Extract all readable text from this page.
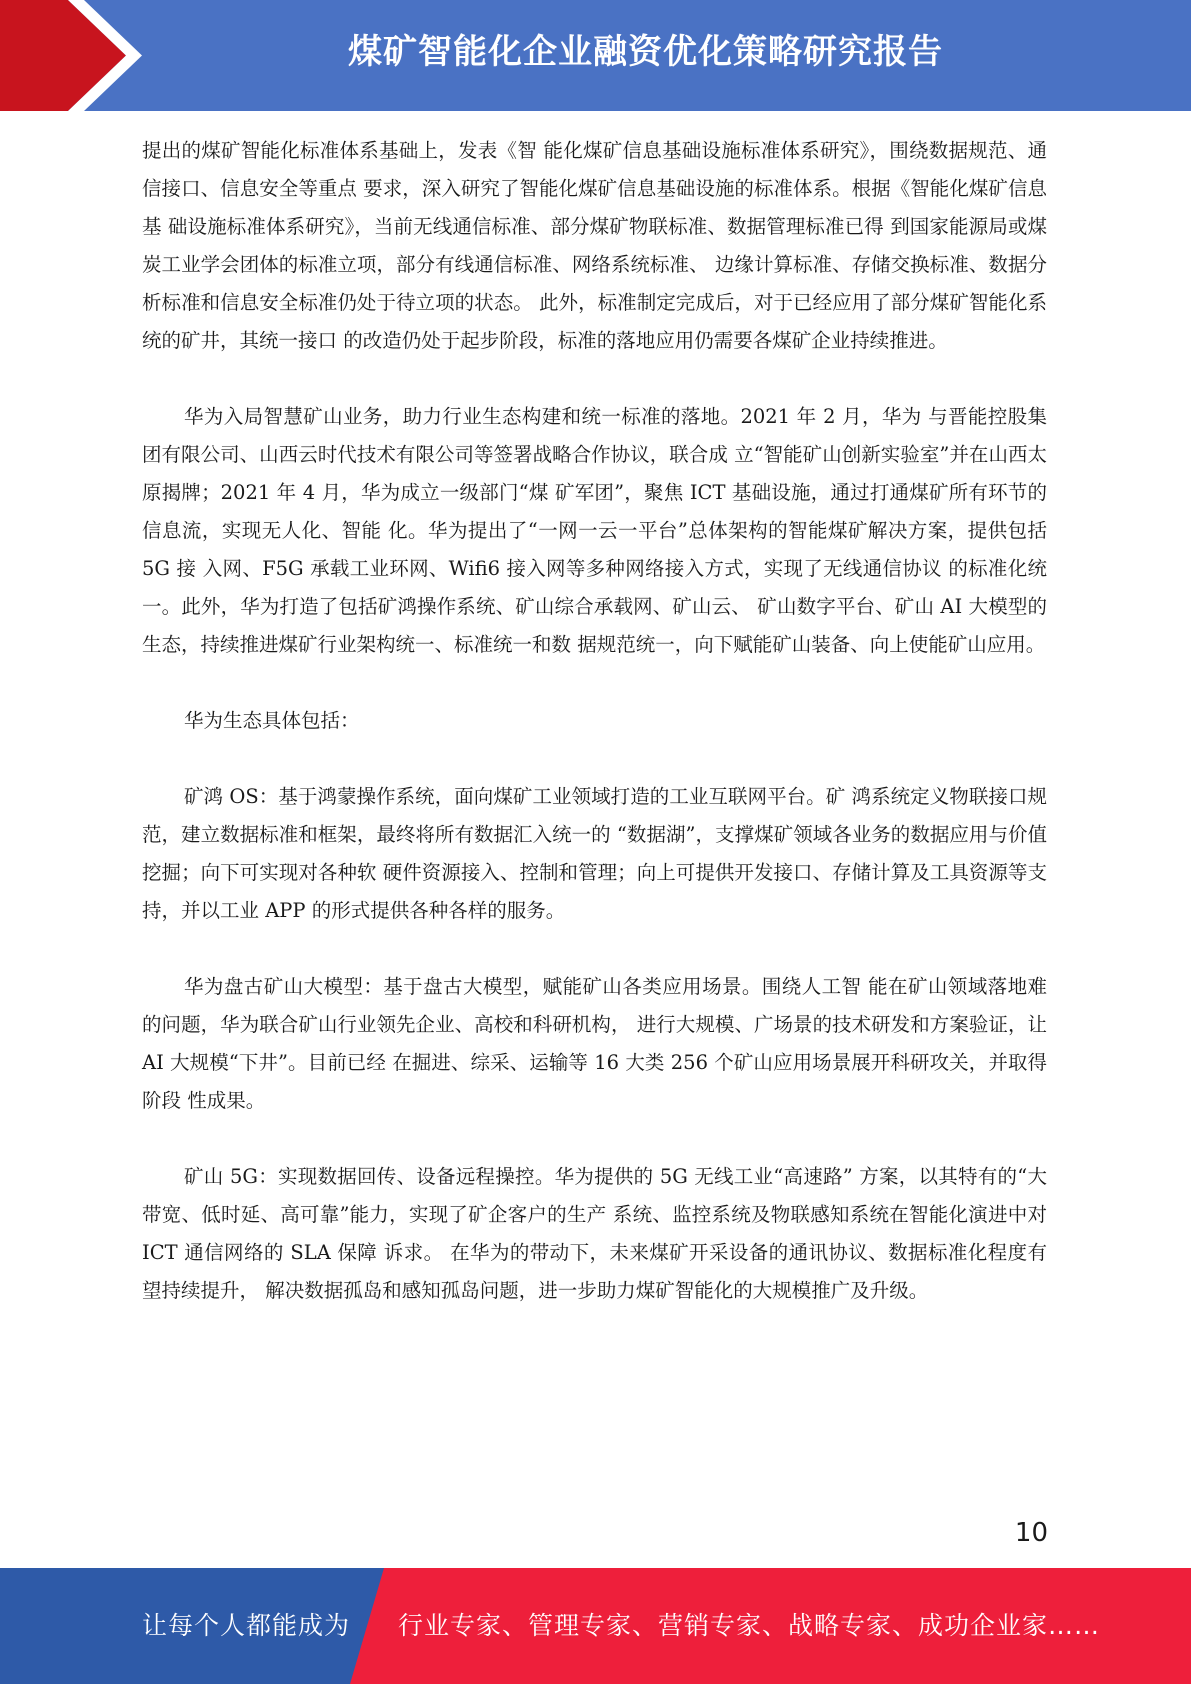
煤矿智能化企业融资优化策略研究报告

提出的煤矿智能化标准体系基础上，发表《智 能化煤矿信息基础设施标准体系研究》，围绕数据规范、通信接口、信息安全等重点 要求，深入研究了智能化煤矿信息基础设施的标准体系。根据《智能化煤矿信息基 础设施标准体系研究》，当前无线通信标准、部分煤矿物联标准、数据管理标准已得 到国家能源局或煤炭工业学会团体的标准立项，部分有线通信标准、网络系统标准、 边缘计算标准、存储交换标准、数据分析标准和信息安全标准仍处于待立项的状态。 此外，标准制定完成后，对于已经应用了部分煤矿智能化系统的矿井，其统一接口 的改造仍处于起步阶段，标准的落地应用仍需要各煤矿企业持续推进。

华为入局智慧矿山业务，助力行业生态构建和统一标准的落地。2021 年 2 月，华为 与晋能控股集团有限公司、山西云时代技术有限公司等签署战略合作协议，联合成 立“智能矿山创新实验室”并在山西太原揭牌；2021 年 4 月，华为成立一级部门“煤 矿军团”，聚焦 ICT 基础设施，通过打通煤矿所有环节的信息流，实现无人化、智能 化。华为提出了“一网一云一平台”总体架构的智能煤矿解决方案，提供包括 5G 接 入网、F5G 承载工业环网、Wifi6 接入网等多种网络接入方式，实现了无线通信协议 的标准化统一。此外，华为打造了包括矿鸿操作系统、矿山综合承载网、矿山云、 矿山数字平台、矿山 AI 大模型的生态，持续推进煤矿行业架构统一、标准统一和数 据规范统一，向下赋能矿山装备、向上使能矿山应用。

华为生态具体包括：

矿鸿 OS：基于鸿蒙操作系统，面向煤矿工业领域打造的工业互联网平台。矿 鸿系统定义物联接口规范，建立数据标准和框架，最终将所有数据汇入统一的 “数据湖”，支撑煤矿领域各业务的数据应用与价值挖掘；向下可实现对各种软 硬件资源接入、控制和管理；向上可提供开发接口、存储计算及工具资源等支 持，并以工业 APP 的形式提供各种各样的服务。

华为盘古矿山大模型：基于盘古大模型，赋能矿山各类应用场景。围绕人工智 能在矿山领域落地难的问题，华为联合矿山行业领先企业、高校和科研机构， 进行大规模、广场景的技术研发和方案验证，让 AI 大规模“下井”。目前已经 在掘进、综采、运输等 16 大类 256 个矿山应用场景展开科研攻关，并取得阶段 性成果。

矿山 5G：实现数据回传、设备远程操控。华为提供的 5G 无线工业“高速路” 方案，以其特有的“大带宽、低时延、高可靠”能力，实现了矿企客户的生产 系统、监控系统及物联感知系统在智能化演进中对 ICT 通信网络的 SLA 保障 诉求。 在华为的带动下，未来煤矿开采设备的通讯协议、数据标准化程度有望持续提升， 解决数据孤岛和感知孤岛问题，进一步助力煤矿智能化的大规模推广及升级。

10
让每个人都能成为 行业专家、管理专家、营销专家、战略专家、成功企业家……
